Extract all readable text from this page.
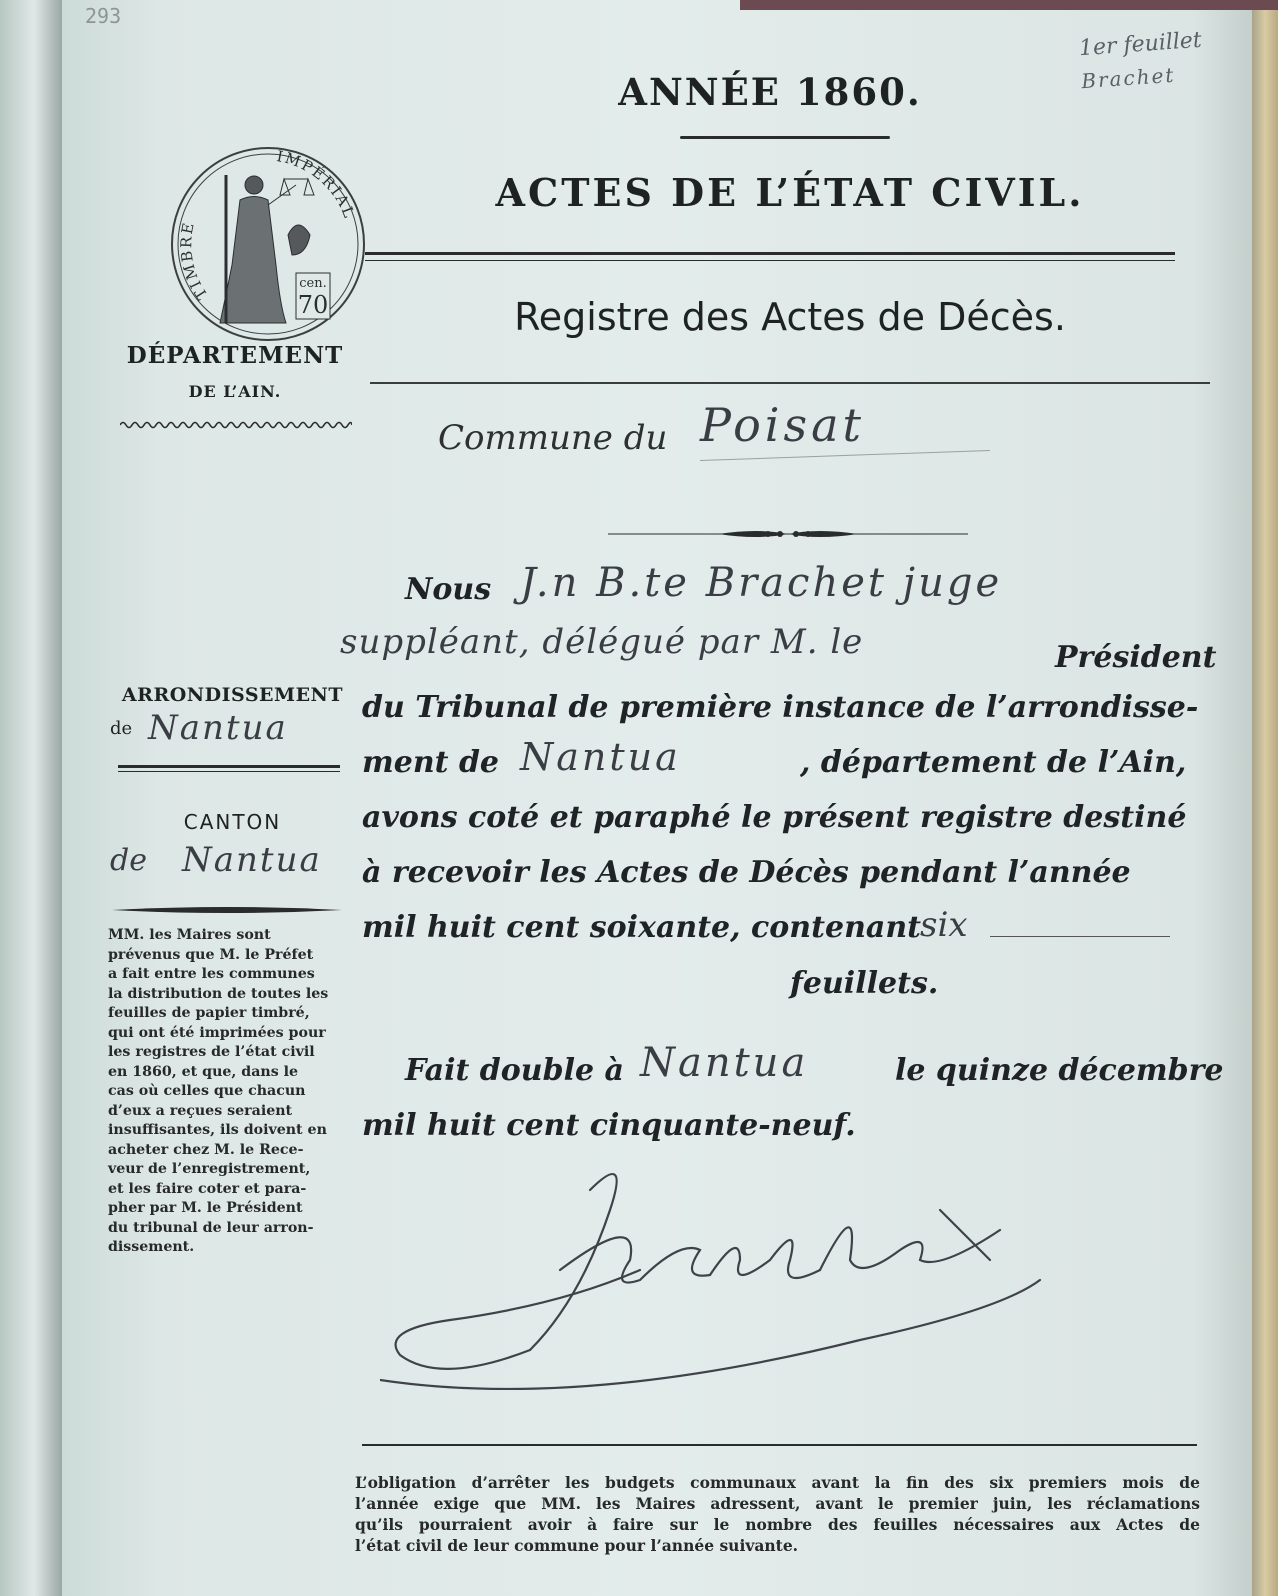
293
1er feuillet
Brachet
ANNÉE 1860.
ACTES DE L’ÉTAT CIVIL.
TIMBRE
IMPÉRIAL
cen.
70
DÉPARTEMENT
DE L’AIN.
Registre des Actes de Décès.
Commune du Poisat
Nous J.n B.te Brachet juge
suppléant, délégué par M. le	Président
du Tribunal de première instance de l’arrondisse-
ment de Nantua	, département de l’Ain,
avons coté et paraphé le présent registre destiné
à recevoir les Actes de Décès pendant l’année
mil huit cent soixante, contenant six
feuillets.
Fait double à Nantua	le quinze décembre
mil huit cent cinquante-neuf.
ARRONDISSEMENT
de Nantua
CANTON
de Nantua
MM. les Maires sont
prévenus que M. le Préfet
a fait entre les communes
la distribution de toutes les
feuilles de papier timbré,
qui ont été imprimées pour
les registres de l’état civil
en 1860, et que, dans le
cas où celles que chacun
d’eux a reçues seraient
insuffisantes, ils doivent en
acheter chez M. le Rece-
veur de l’enregistrement,
et les faire coter et para-
pher par M. le Président
du tribunal de leur arron-
dissement.
L’obligation d’arrêter les budgets communaux avant la fin des six premiers mois de
l’année exige que MM. les Maires adressent, avant le premier juin, les réclamations
qu’ils pourraient avoir à faire sur le nombre des feuilles nécessaires aux Actes de
l’état civil de leur commune pour l’année suivante.
